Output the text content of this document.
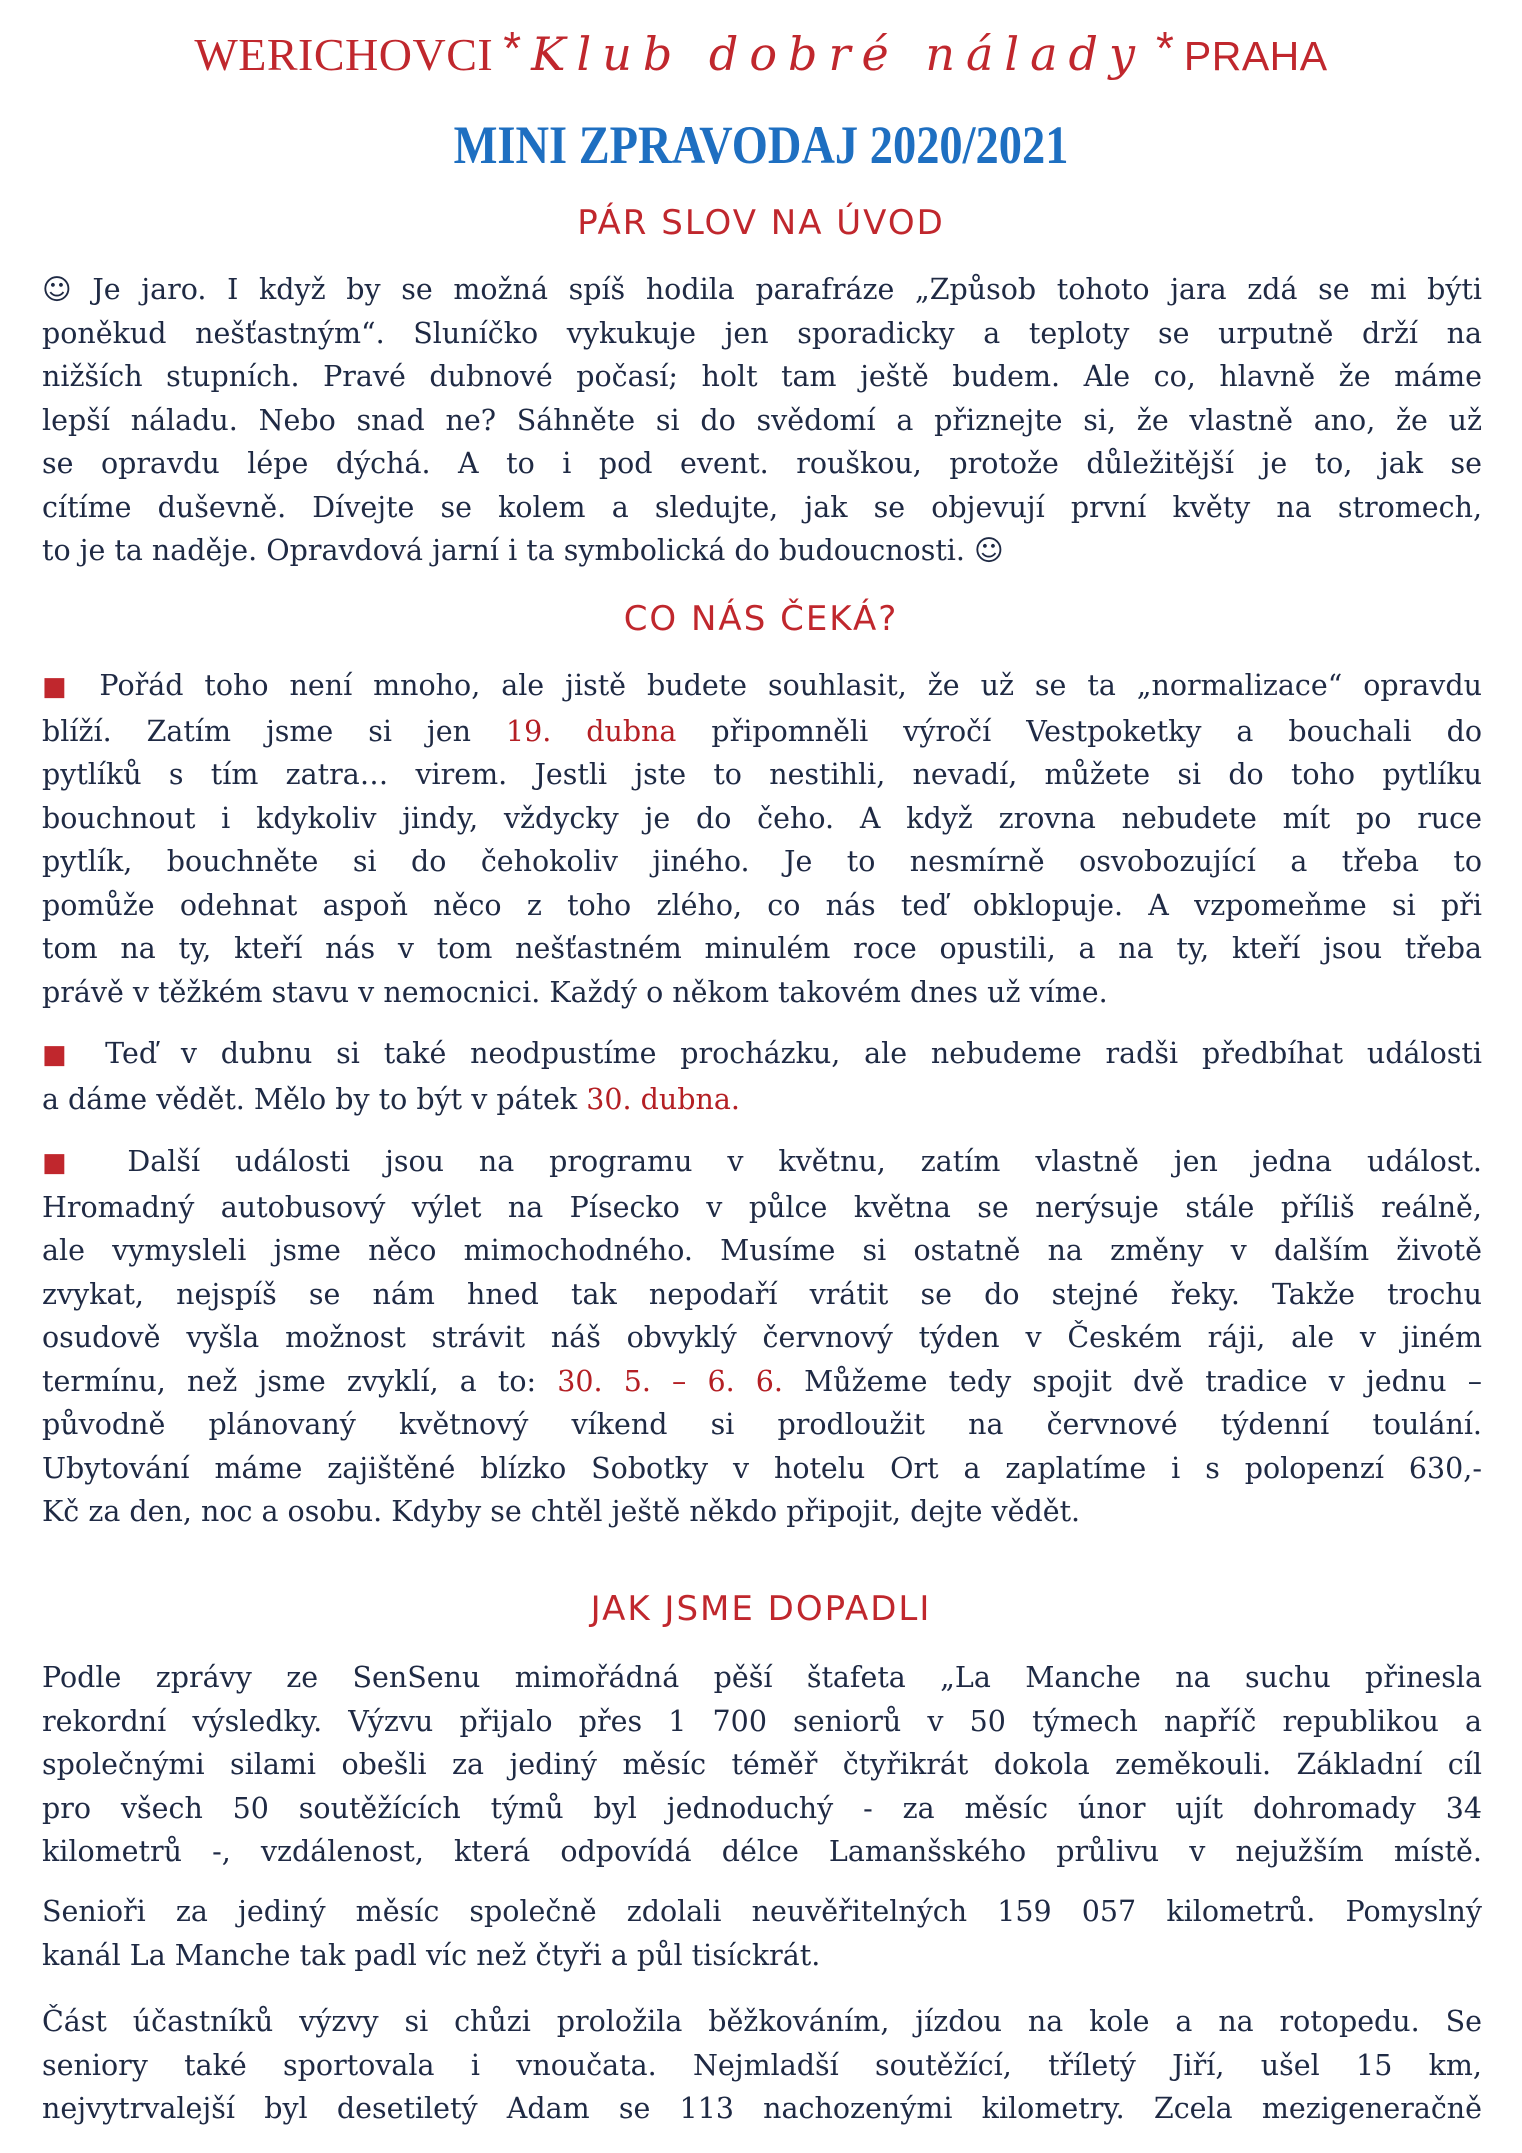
WERICHOVCI * Klub dobré nálady * PRAHA
MINI ZPRAVODAJ 2020/2021
PÁR SLOV NA ÚVOD
☺ Je jaro. I když by se možná spíš hodila parafráze „Způsob tohoto jara zdá se mi býti
poněkud nešťastným“. Sluníčko vykukuje jen sporadicky a teploty se urputně drží na
nižších stupních. Pravé dubnové počasí; holt tam ještě budem. Ale co, hlavně že máme
lepší náladu. Nebo snad ne? Sáhněte si do svědomí a přiznejte si, že vlastně ano, že už
se opravdu lépe dýchá. A to i pod event. rouškou, protože důležitější je to, jak se
cítíme duševně. Dívejte se kolem a sledujte, jak se objevují první květy na stromech,
to je ta naděje. Opravdová jarní i ta symbolická do budoucnosti. ☺
CO NÁS ČEKÁ?
■ Pořád toho není mnoho, ale jistě budete souhlasit, že už se ta „normalizace“ opravdu
blíží. Zatím jsme si jen 19. dubna připomněli výročí Vestpoketky a bouchali do
pytlíků s tím zatra… virem. Jestli jste to nestihli, nevadí, můžete si do toho pytlíku
bouchnout i kdykoliv jindy, vždycky je do čeho. A když zrovna nebudete mít po ruce
pytlík, bouchněte si do čehokoliv jiného. Je to nesmírně osvobozující a třeba to
pomůže odehnat aspoň něco z toho zlého, co nás teď obklopuje. A vzpomeňme si při
tom na ty, kteří nás v tom nešťastném minulém roce opustili, a na ty, kteří jsou třeba
právě v těžkém stavu v nemocnici. Každý o někom takovém dnes už víme.
■ Teď v dubnu si také neodpustíme procházku, ale nebudeme radši předbíhat události
a dáme vědět. Mělo by to být v pátek 30. dubna.
■ Další události jsou na programu v květnu, zatím vlastně jen jedna událost.
Hromadný autobusový výlet na Písecko v půlce května se nerýsuje stále příliš reálně,
ale vymysleli jsme něco mimochodného. Musíme si ostatně na změny v dalším životě
zvykat, nejspíš se nám hned tak nepodaří vrátit se do stejné řeky. Takže trochu
osudově vyšla možnost strávit náš obvyklý červnový týden v Českém ráji, ale v jiném
termínu, než jsme zvyklí, a to: 30. 5. – 6. 6. Můžeme tedy spojit dvě tradice v jednu –
původně plánovaný květnový víkend si prodloužit na červnové týdenní toulání.
Ubytování máme zajištěné blízko Sobotky v hotelu Ort a zaplatíme i s polopenzí 630,-
Kč za den, noc a osobu. Kdyby se chtěl ještě někdo připojit, dejte vědět.
JAK JSME DOPADLI
Podle zprávy ze SenSenu mimořádná pěší štafeta „La Manche na suchu přinesla
rekordní výsledky. Výzvu přijalo přes 1 700 seniorů v 50 týmech napříč republikou a
společnými silami obešli za jediný měsíc téměř čtyřikrát dokola zeměkouli. Základní cíl
pro všech 50 soutěžících týmů byl jednoduchý - za měsíc únor ujít dohromady 34
kilometrů -, vzdálenost, která odpovídá délce Lamanšského průlivu v nejužším místě.
Senioři za jediný měsíc společně zdolali neuvěřitelných 159 057 kilometrů. Pomyslný
kanál La Manche tak padl víc než čtyři a půl tisíckrát.
Část účastníků výzvy si chůzi proložila běžkováním, jízdou na kole a na rotopedu. Se
seniory také sportovala i vnoučata. Nejmladší soutěžící, tříletý Jiří, ušel 15 km,
nejvytrvalejší byl desetiletý Adam se 113 nachozenými kilometry. Zcela mezigeneračně
